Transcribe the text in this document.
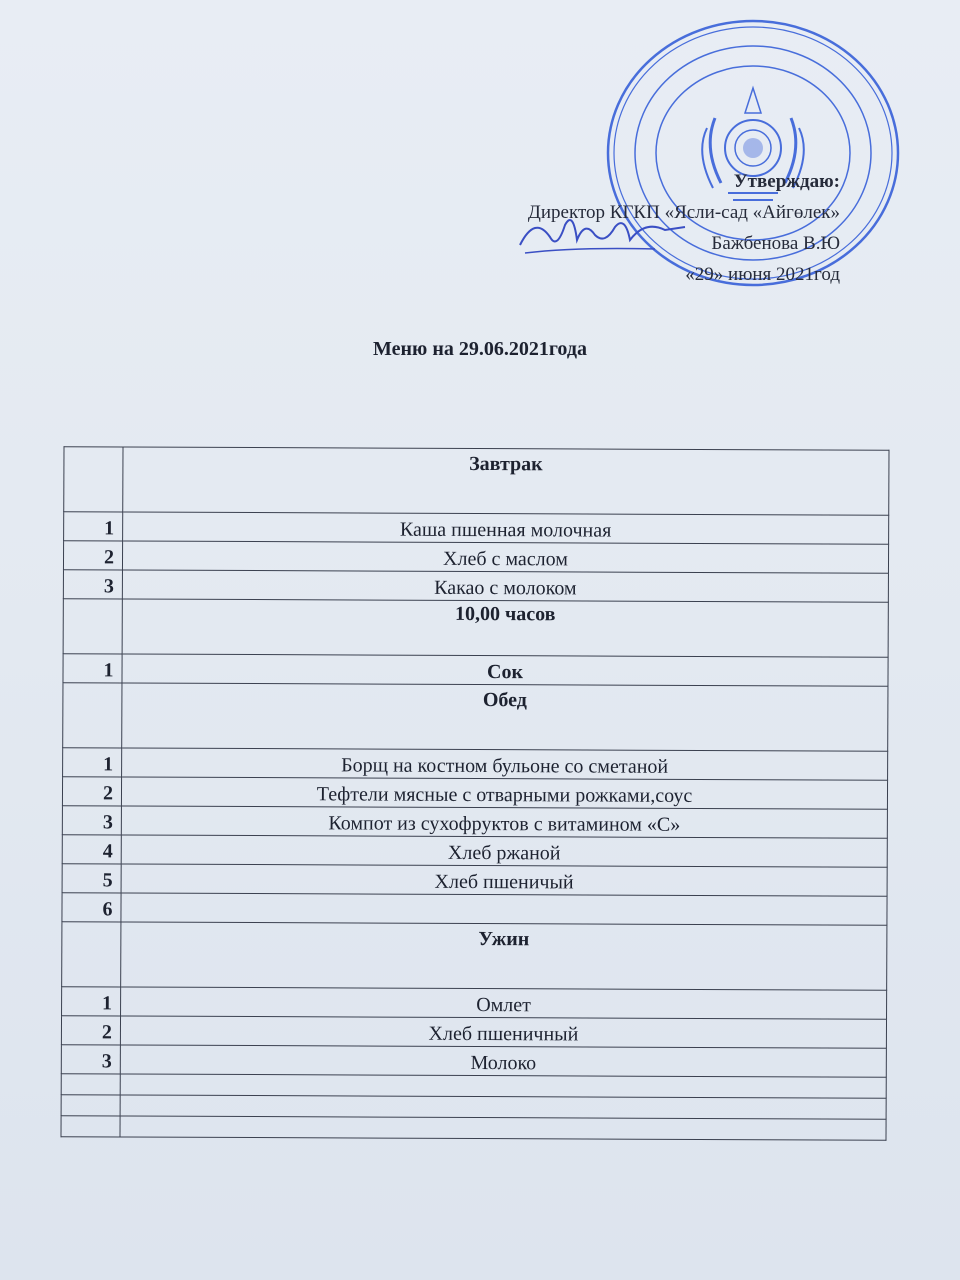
Утверждаю:
Директор КГКП «Ясли-сад «Айгөлек»
Бажбенова В.Ю
«29» июня 2021год
Меню на 29.06.2021года
	Завтрак
1	Каша пшенная молочная
2	Хлеб с маслом
3	Какао с молоком
	10,00 часов
1	Сок
	Обед
1	Борщ на костном бульоне со сметаной
2	Тефтели мясные с отварными рожками,соус
3	Компот из сухофруктов с витамином «С»
4	Хлеб ржаной
5	Хлеб пшеничый
6	
	Ужин
1	Омлет
2	Хлеб пшеничный
3	Молоко
